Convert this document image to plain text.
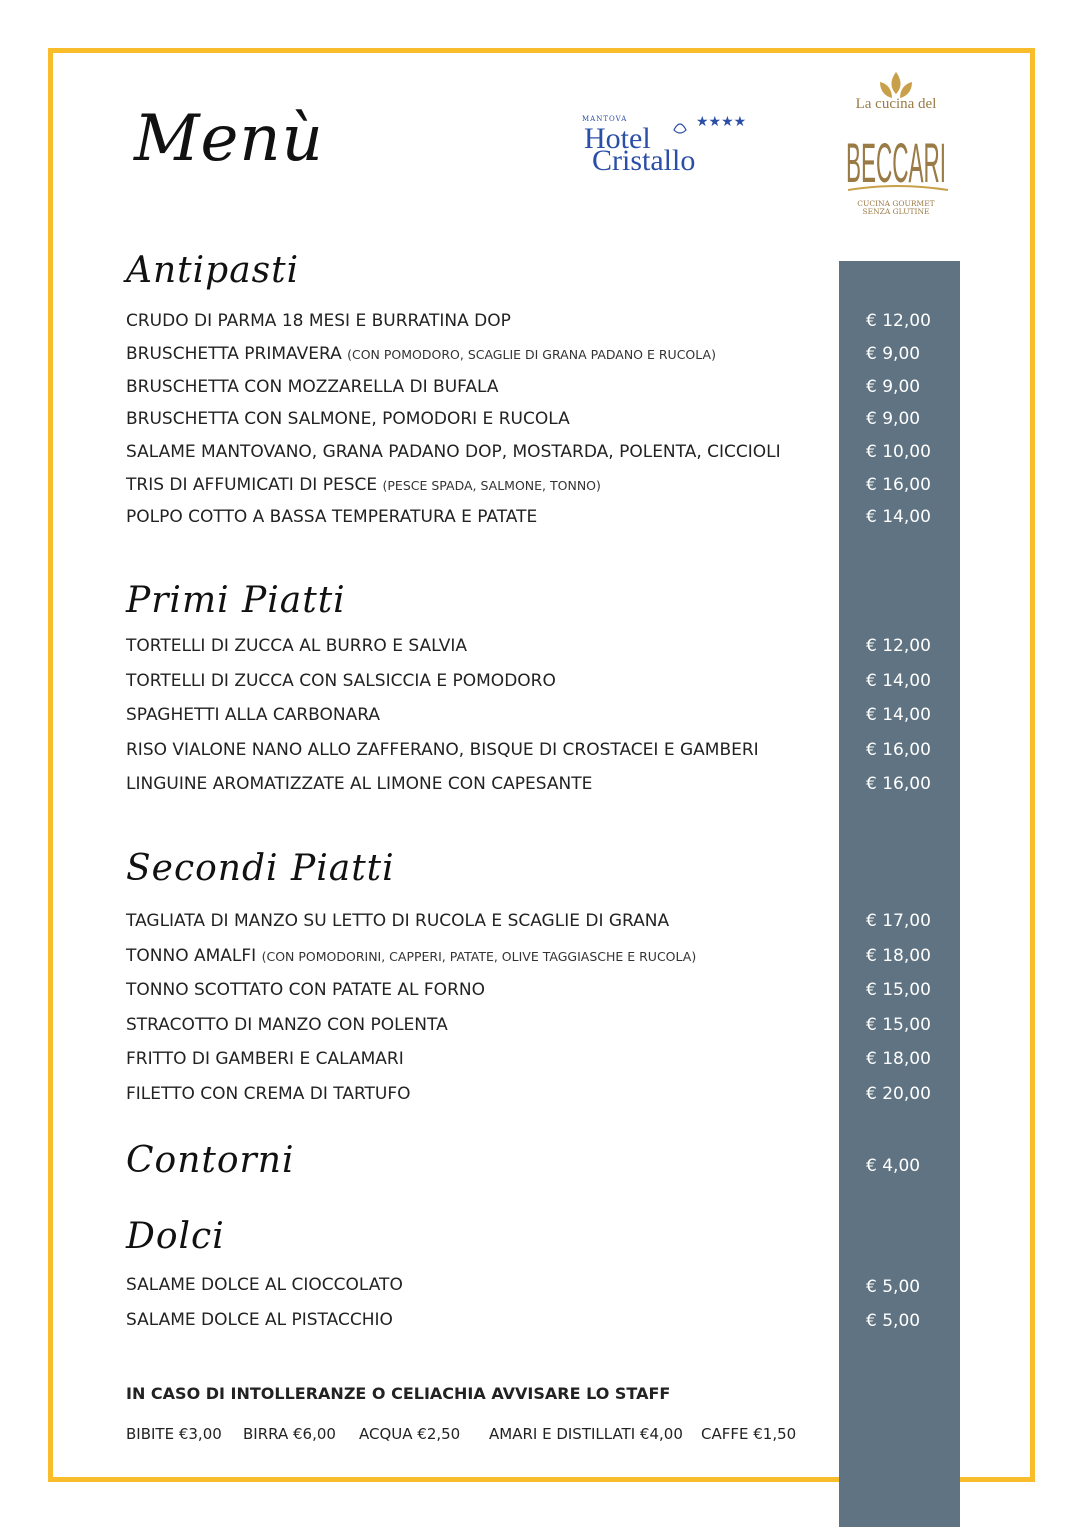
Menù	MANTOVA
Hotel
Cristallo
★★★★
La cucina del
BECCARI
CUCINA GOURMET
SENZA GLUTINE
Antipasti
CRUDO DI PARMA 18 MESI E BURRATINA DOP	€ 12,00
BRUSCHETTA PRIMAVERA (CON POMODORO, SCAGLIE DI GRANA PADANO E RUCOLA)	€ 9,00
BRUSCHETTA CON MOZZARELLA DI BUFALA	€ 9,00
BRUSCHETTA CON SALMONE, POMODORI E RUCOLA	€ 9,00
SALAME MANTOVANO, GRANA PADANO DOP, MOSTARDA, POLENTA, CICCIOLI	€ 10,00
TRIS DI AFFUMICATI DI PESCE (PESCE SPADA, SALMONE, TONNO)	€ 16,00
POLPO COTTO A BASSA TEMPERATURA E PATATE	€ 14,00
Primi Piatti
TORTELLI DI ZUCCA AL BURRO E SALVIA	€ 12,00
TORTELLI DI ZUCCA CON SALSICCIA E POMODORO	€ 14,00
SPAGHETTI ALLA CARBONARA	€ 14,00
RISO VIALONE NANO ALLO ZAFFERANO, BISQUE DI CROSTACEI E GAMBERI	€ 16,00
LINGUINE AROMATIZZATE AL LIMONE CON CAPESANTE	€ 16,00
Secondi Piatti
TAGLIATA DI MANZO SU LETTO DI RUCOLA E SCAGLIE DI GRANA	€ 17,00
TONNO AMALFI (CON POMODORINI, CAPPERI, PATATE, OLIVE TAGGIASCHE E RUCOLA)	€ 18,00
TONNO SCOTTATO CON PATATE AL FORNO	€ 15,00
STRACOTTO DI MANZO CON POLENTA	€ 15,00
FRITTO DI GAMBERI E CALAMARI	€ 18,00
FILETTO CON CREMA DI TARTUFO	€ 20,00
Contorni	€ 4,00
Dolci
SALAME DOLCE AL CIOCCOLATO	€ 5,00
SALAME DOLCE AL PISTACCHIO	€ 5,00
IN CASO DI INTOLLERANZE O CELIACHIA AVVISARE LO STAFF
BIBITE €3,00 BIRRA €6,00 ACQUA €2,50 AMARI E DISTILLATI €4,00 CAFFE €1,50
